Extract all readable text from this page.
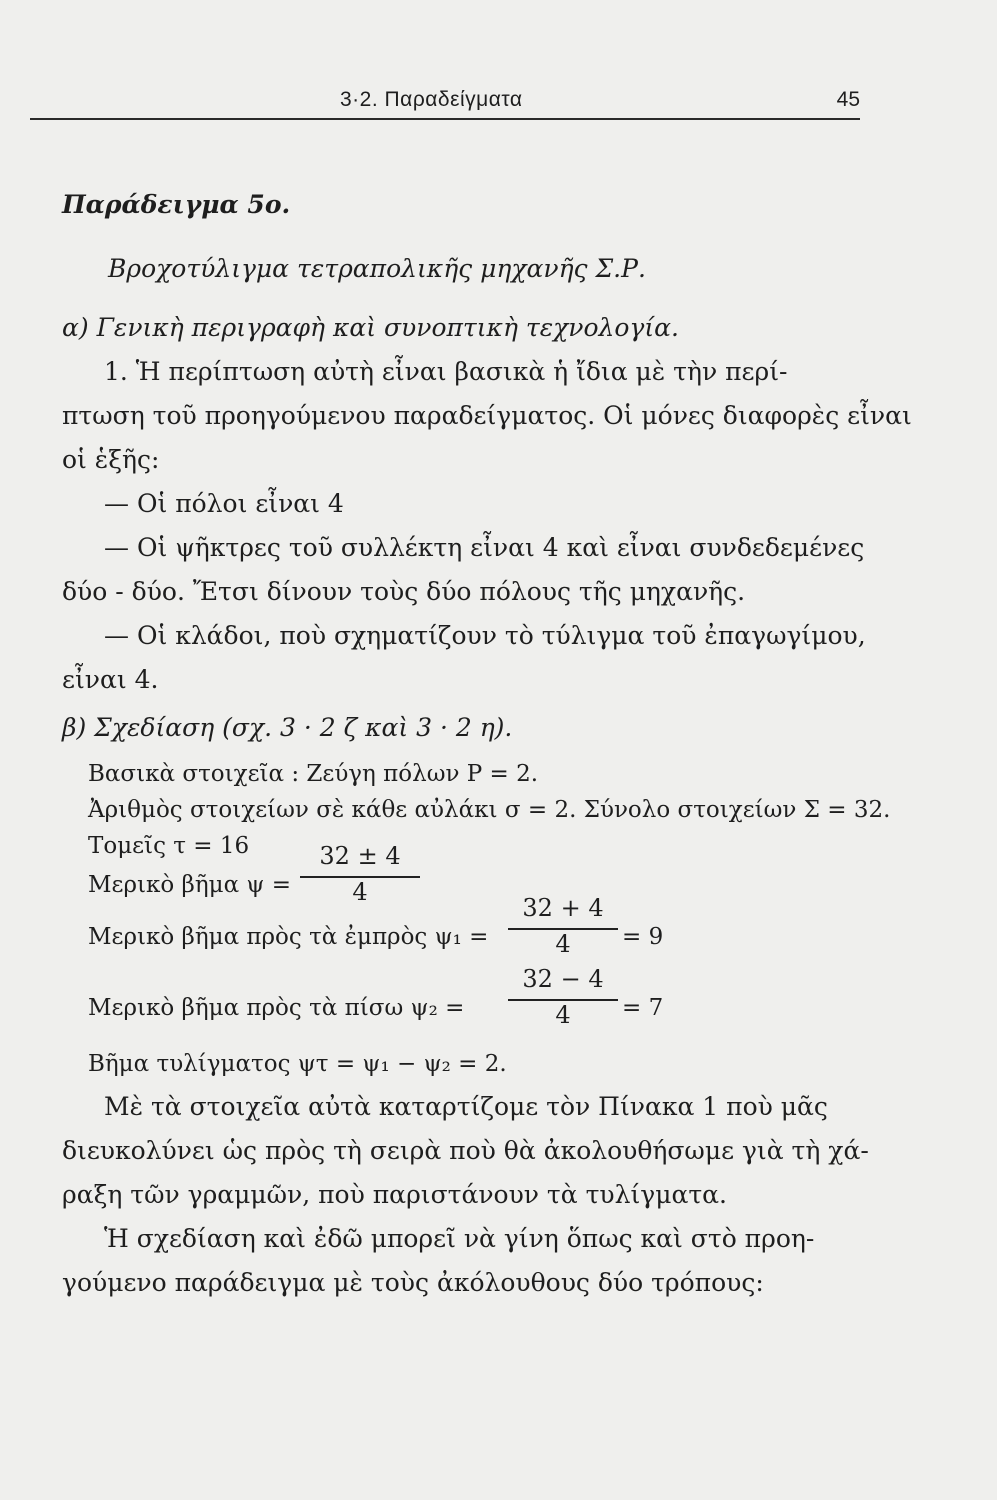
3·2. Παραδείγματα	45
Παράδειγμα 5ο.
Βροχοτύλιγμα τετραπολικῆς μηχανῆς Σ.Ρ.
α) Γενικὴ περιγραφὴ καὶ συνοπτικὴ τεχνολογία.
1. Ἡ περίπτωση αὐτὴ εἶναι βασικὰ ἡ ἴδια μὲ τὴν περί-
πτωση τοῦ προηγούμενου παραδείγματος. Οἱ μόνες διαφορὲς εἶναι
οἱ ἑξῆς:
— Οἱ πόλοι εἶναι 4
— Οἱ ψῆκτρες τοῦ συλλέκτη εἶναι 4 καὶ εἶναι συνδεδεμένες
δύο - δύο. Ἔτσι δίνουν τοὺς δύο πόλους τῆς μηχανῆς.
— Οἱ κλάδοι, ποὺ σχηματίζουν τὸ τύλιγμα τοῦ ἐπαγωγίμου,
εἶναι 4.
β) Σχεδίαση (σχ. 3 · 2 ζ καὶ 3 · 2 η).
Βασικὰ στοιχεῖα : Ζεύγη πόλων Ρ = 2.
Ἀριθμὸς στοιχείων σὲ κάθε αὐλάκι σ = 2. Σύνολο στοιχείων Σ = 32.
Τομεῖς τ = 16
Μερικὸ βῆμα ψ =
32 ± 4
4
Μερικὸ βῆμα πρὸς τὰ ἐμπρὸς ψ₁ =
32 + 4
4	= 9
Μερικὸ βῆμα πρὸς τὰ πίσω ψ₂ =
32 − 4
4	= 7
Βῆμα τυλίγματος ψτ = ψ₁ − ψ₂ = 2.
Μὲ τὰ στοιχεῖα αὐτὰ καταρτίζομε τὸν Πίνακα 1 ποὺ μᾶς
διευκολύνει ὡς πρὸς τὴ σειρὰ ποὺ θὰ ἀκολουθήσωμε γιὰ τὴ χά-
ραξη τῶν γραμμῶν, ποὺ παριστάνουν τὰ τυλίγματα.
Ἡ σχεδίαση καὶ ἐδῶ μπορεῖ νὰ γίνη ὅπως καὶ στὸ προη-
γούμενο παράδειγμα μὲ τοὺς ἀκόλουθους δύο τρόπους:
